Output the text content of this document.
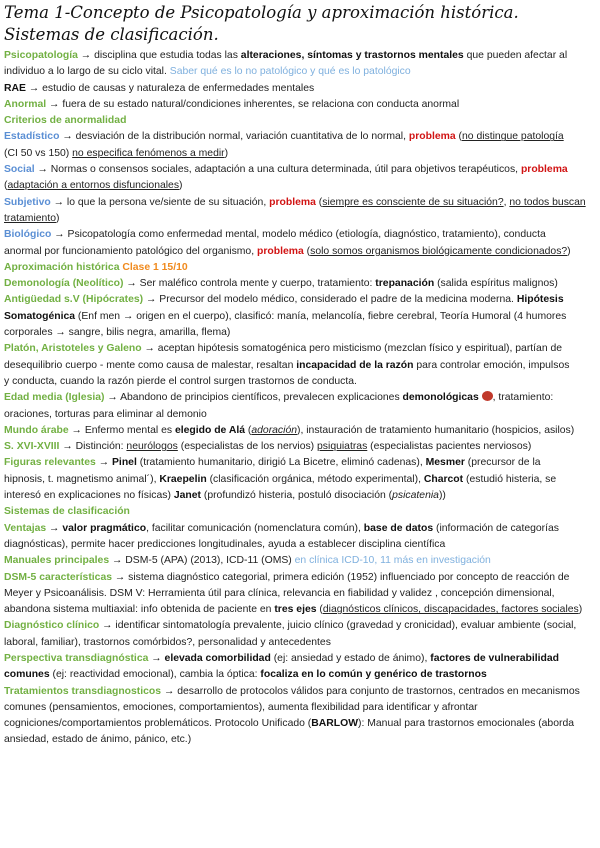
Tema 1-Concepto de Psicopatología y aproximación histórica. Sistemas de clasificación.

Psicopatología → disciplina que estudia todas las alteraciones, síntomas y trastornos mentales que pueden afectar al

individuo a lo largo de su ciclo vital. Saber qué es lo no patológico y qué es lo patológico

RAE → estudio de causas y naturaleza de enfermedades mentales

Anormal → fuera de su estado natural/condiciones inherentes, se relaciona con conducta anormal

Criterios de anormalidad

Estadístico → desviación de la distribución normal, variación cuantitativa de lo normal, problema (no distingue patología

(CI 50 vs 150) no especifica fenómenos a medir)

Social → Normas o consensos sociales, adaptación a una cultura determinada, útil para objetivos terapéuticos, problema

(adaptación a entornos disfuncionales)

Subjetivo → lo que la persona ve/siente de su situación, problema (siempre es consciente de su situación?, no todos buscan

tratamiento)

Biológico → Psicopatología como enfermedad mental, modelo médico (etiología, diagnóstico, tratamiento), conducta

anormal por funcionamiento patológico del organismo, problema (solo somos organismos biológicamente condicionados?)

Aproximación histórica Clase 1 15/10

Demonología (Neolítico) → Ser maléfico controla mente y cuerpo, tratamiento: trepanación (salida espíritus malignos)

Antigüedad s.V (Hipócrates) → Precursor del modelo médico, considerado el padre de la medicina moderna. Hipótesis

Somatogénica (Enf men → origen en el cuerpo), clasificó: manía, melancolía, fiebre cerebral, Teoría Humoral (4 humores

corporales → sangre, bilis negra, amarilla, flema)

Platón, Aristoteles y Galeno → aceptan hipótesis somatogénica pero misticismo (mezclan físico y espiritual), partían de

desequilibrio cuerpo - mente como causa de malestar, resaltan incapacidad de la razón para controlar emoción, impulsos

y conducta, cuando la razón pierde el control surgen trastornos de conducta.

Edad media (Iglesia) → Abandono de principios científicos, prevalecen explicaciones demonológicas , tratamiento:

oraciones, torturas para eliminar al demonio

Mundo árabe → Enfermo mental es elegido de Alá (adoración), instauración de tratamiento humanitario (hospicios, asilos)

S. XVI-XVIII → Distinción: neurólogos (especialistas de los nervios) psiquiatras (especialistas pacientes nerviosos)

Figuras relevantes → Pinel (tratamiento humanitario, dirigió La Bicetre, eliminó cadenas), Mesmer (precursor de la

hipnosis, t. magnetismo animal´), Kraepelin (clasificación orgánica, método experimental), Charcot (estudió histeria, se

interesó en explicaciones no físicas) Janet (profundizó histeria, postuló disociación (psicatenia))

Sistemas de clasificación

Ventajas → valor pragmático, facilitar comunicación (nomenclatura común), base de datos (información de categorías

diagnósticas), permite hacer predicciones longitudinales, ayuda a establecer disciplina científica

Manuales principales → DSM-5 (APA) (2013), ICD-11 (OMS) en clínica ICD-10, 11 más en investigación

DSM-5 características → sistema diagnóstico categorial, primera edición (1952) influenciado por concepto de reacción de

Meyer y Psicoanálisis. DSM V: Herramienta útil para clínica, relevancia en fiabilidad y validez , concepción dimensional,

abandona sistema multiaxial: info obtenida de paciente en tres ejes (diagnósticos clínicos, discapacidades, factores sociales)

Diagnóstico clínico → identificar sintomatología prevalente, juicio clínico (gravedad y cronicidad), evaluar ambiente (social,

laboral, familiar), trastornos comórbidos?, personalidad y antecedentes

Perspectiva transdiagnóstica → elevada comorbilidad (ej: ansiedad y estado de ánimo), factores de vulnerabilidad

comunes (ej: reactividad emocional), cambia la óptica: focaliza en lo común y genérico de trastornos

Tratamientos transdiagnosticos → desarrollo de protocolos válidos para conjunto de trastornos, centrados en mecanismos

comunes (pensamientos, emociones, comportamientos), aumenta flexibilidad para identificar y afrontar

cogniciones/comportamientos problemáticos. Protocolo Unificado (BARLOW): Manual para trastornos emocionales (aborda

ansiedad, estado de ánimo, pánico, etc.)
